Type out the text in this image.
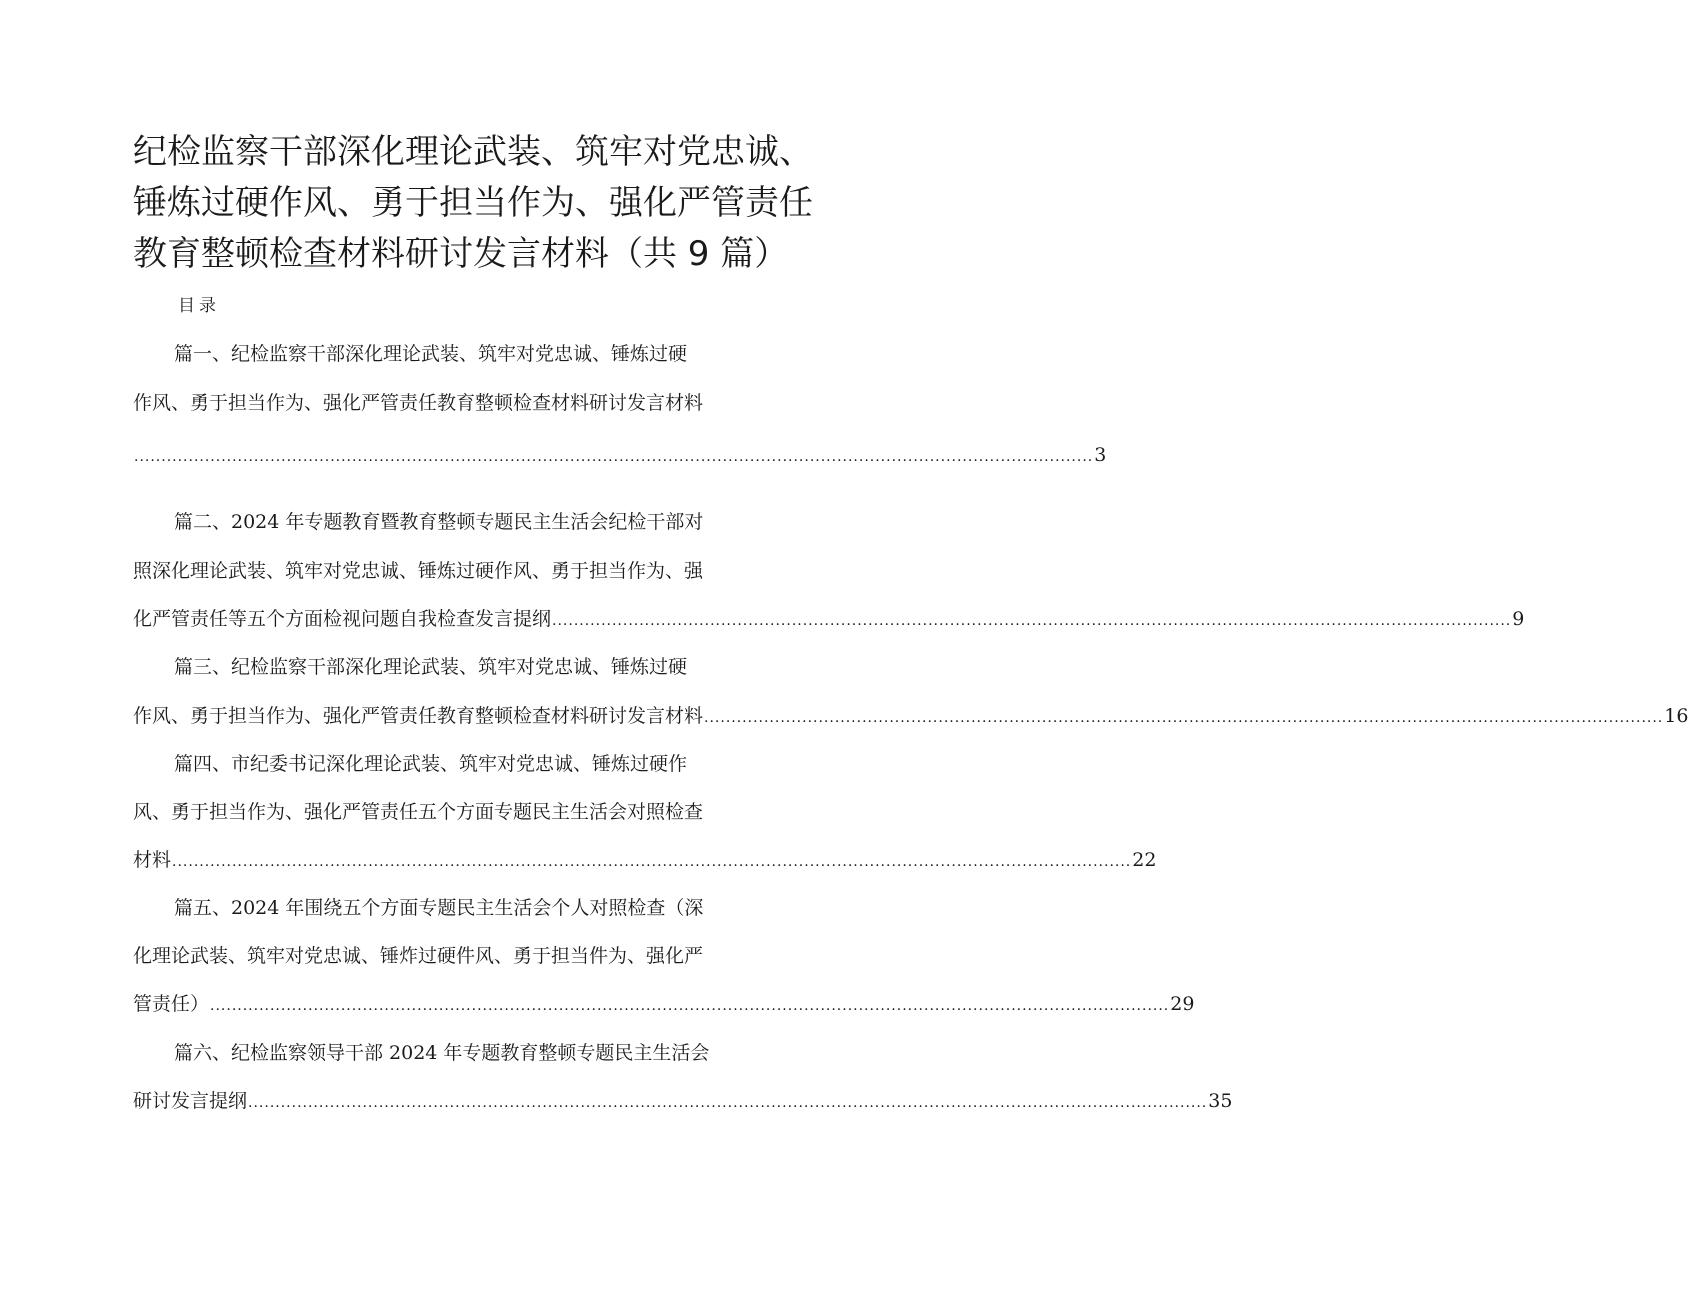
纪检监察干部深化理论武装、筑牢对党忠诚、
锤炼过硬作风、勇于担当作为、强化严管责任
教育整顿检查材料研讨发言材料（共 9 篇）
目录
篇一、纪检监察干部深化理论武装、筑牢对党忠诚、锤炼过硬
作风、勇于担当作为、强化严管责任教育整顿检查材料研讨发言材料
................................................................................................................................................................................ 3
篇二、2024 年专题教育暨教育整顿专题民主生活会纪检干部对
照深化理论武装、筑牢对党忠诚、锤炼过硬作风、勇于担当作为、强
化严管责任等五个方面检视问题自我检查发言提纲 ................................................................................................................................................................................ 9
篇三、纪检监察干部深化理论武装、筑牢对党忠诚、锤炼过硬
作风、勇于担当作为、强化严管责任教育整顿检查材料研讨发言材料 ................................................................................................................................................................................ 16
篇四、市纪委书记深化理论武装、筑牢对党忠诚、锤炼过硬作
风、勇于担当作为、强化严管责任五个方面专题民主生活会对照检查
材料 ................................................................................................................................................................................ 22
篇五、2024 年围绕五个方面专题民主生活会个人对照检查（深
化理论武装、筑牢对党忠诚、锤炸过硬件风、勇于担当件为、强化严
管责任） ................................................................................................................................................................................ 29
篇六、纪检监察领导干部 2024 年专题教育整顿专题民主生活会
研讨发言提纲 ................................................................................................................................................................................ 35
